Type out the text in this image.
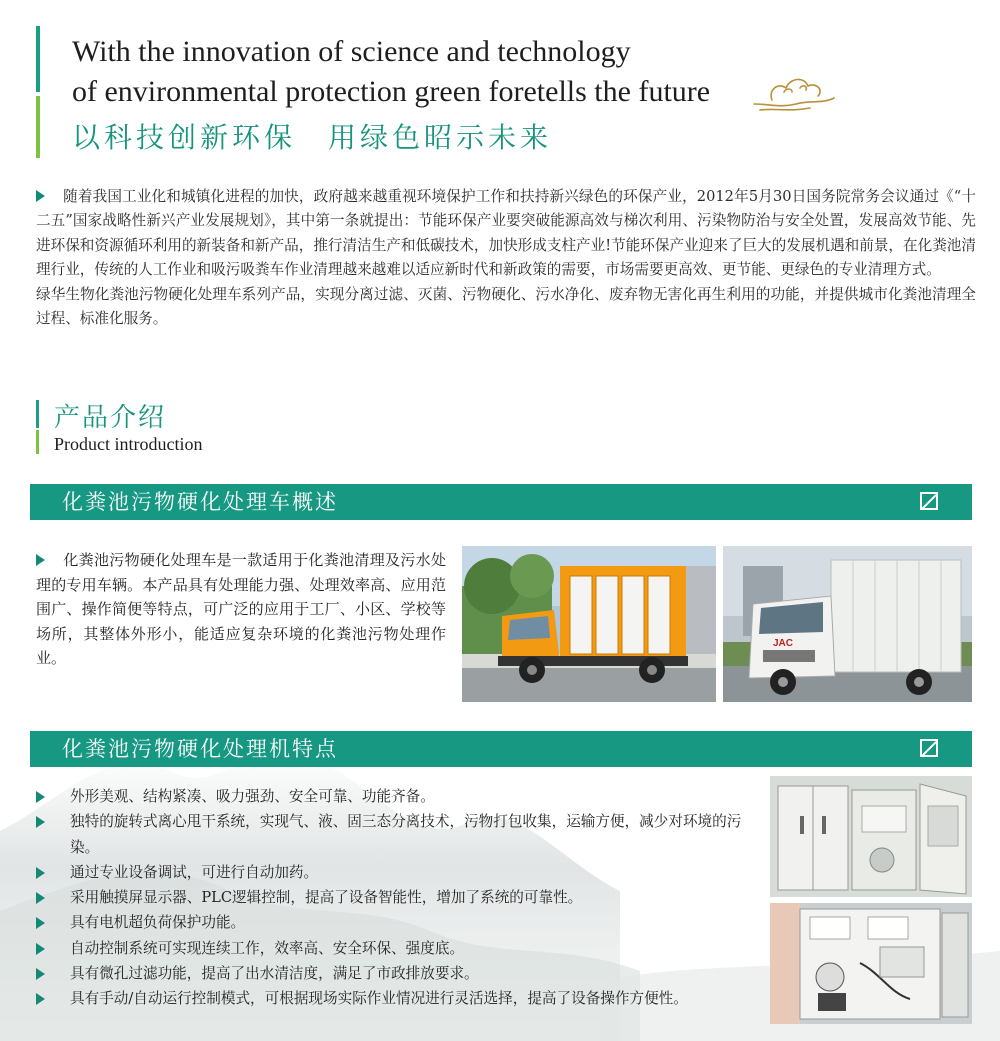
With the innovation of science and technology
of environmental protection green foretells the future
以科技创新环保　用绿色昭示未来

随着我国工业化和城镇化进程的加快，政府越来越重视环境保护工作和扶持新兴绿色的环保产业，2012年5月30日国务院常务会议通过《“十二五”国家战略性新兴产业发展规划》，其中第一条就提出：节能环保产业要突破能源高效与梯次利用、污染物防治与安全处置，发展高效节能、先进环保和资源循环利用的新装备和新产品，推行清洁生产和低碳技术，加快形成支柱产业!节能环保产业迎来了巨大的发展机遇和前景，在化粪池清理行业，传统的人工作业和吸污吸粪车作业清理越来越难以适应新时代和新政策的需要，市场需要更高效、更节能、更绿色的专业清理方式。

绿华生物化粪池污物硬化处理车系列产品，实现分离过滤、灭菌、污物硬化、污水净化、废弃物无害化再生利用的功能，并提供城市化粪池清理全过程、标准化服务。

产品介绍
Product introduction
化粪池污物硬化处理车概述

化粪池污物硬化处理车是一款适用于化粪池清理及污水处理的专用车辆。本产品具有处理能力强、处理效率高、应用范围广、操作简便等特点，可广泛的应用于工厂、小区、学校等场所，其整体外形小，能适应复杂环境的化粪池污物处理作业。

JAC
化粪池污物硬化处理机特点
外形美观、结构紧凑、吸力强劲、安全可靠、功能齐备。
独特的旋转式离心甩干系统，实现气、液、固三态分离技术，污物打包收集，运输方便，减少对环境的污染。
通过专业设备调试，可进行自动加药。
采用触摸屏显示器、PLC逻辑控制，提高了设备智能性，增加了系统的可靠性。
具有电机超负荷保护功能。
自动控制系统可实现连续工作，效率高、安全环保、强度底。
具有微孔过滤功能，提高了出水清洁度，满足了市政排放要求。
具有手动/自动运行控制模式，可根据现场实际作业情况进行灵活选择，提高了设备操作方便性。
